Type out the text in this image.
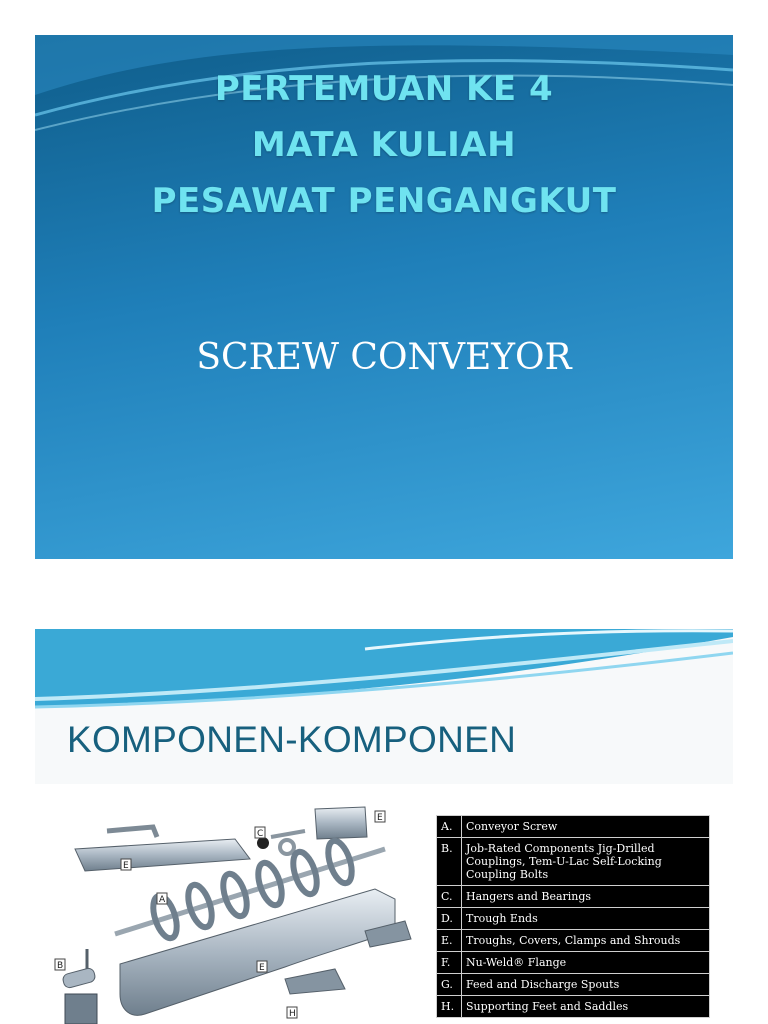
PERTEMUAN KE 4
MATA KULIAH
PESAWAT PENGANGKUT
SCREW CONVEYOR
KOMPONEN-KOMPONEN
E
C
E
A
B	E
H
A.	Conveyor Screw
B.	Job-Rated Components Jig-Drilled Couplings, Tem-U-Lac Self-Locking Coupling Bolts
C.	Hangers and Bearings
D.	Trough Ends
E.	Troughs, Covers, Clamps and Shrouds
F.	Nu-Weld® Flange
G.	Feed and Discharge Spouts
H.	Supporting Feet and Saddles
